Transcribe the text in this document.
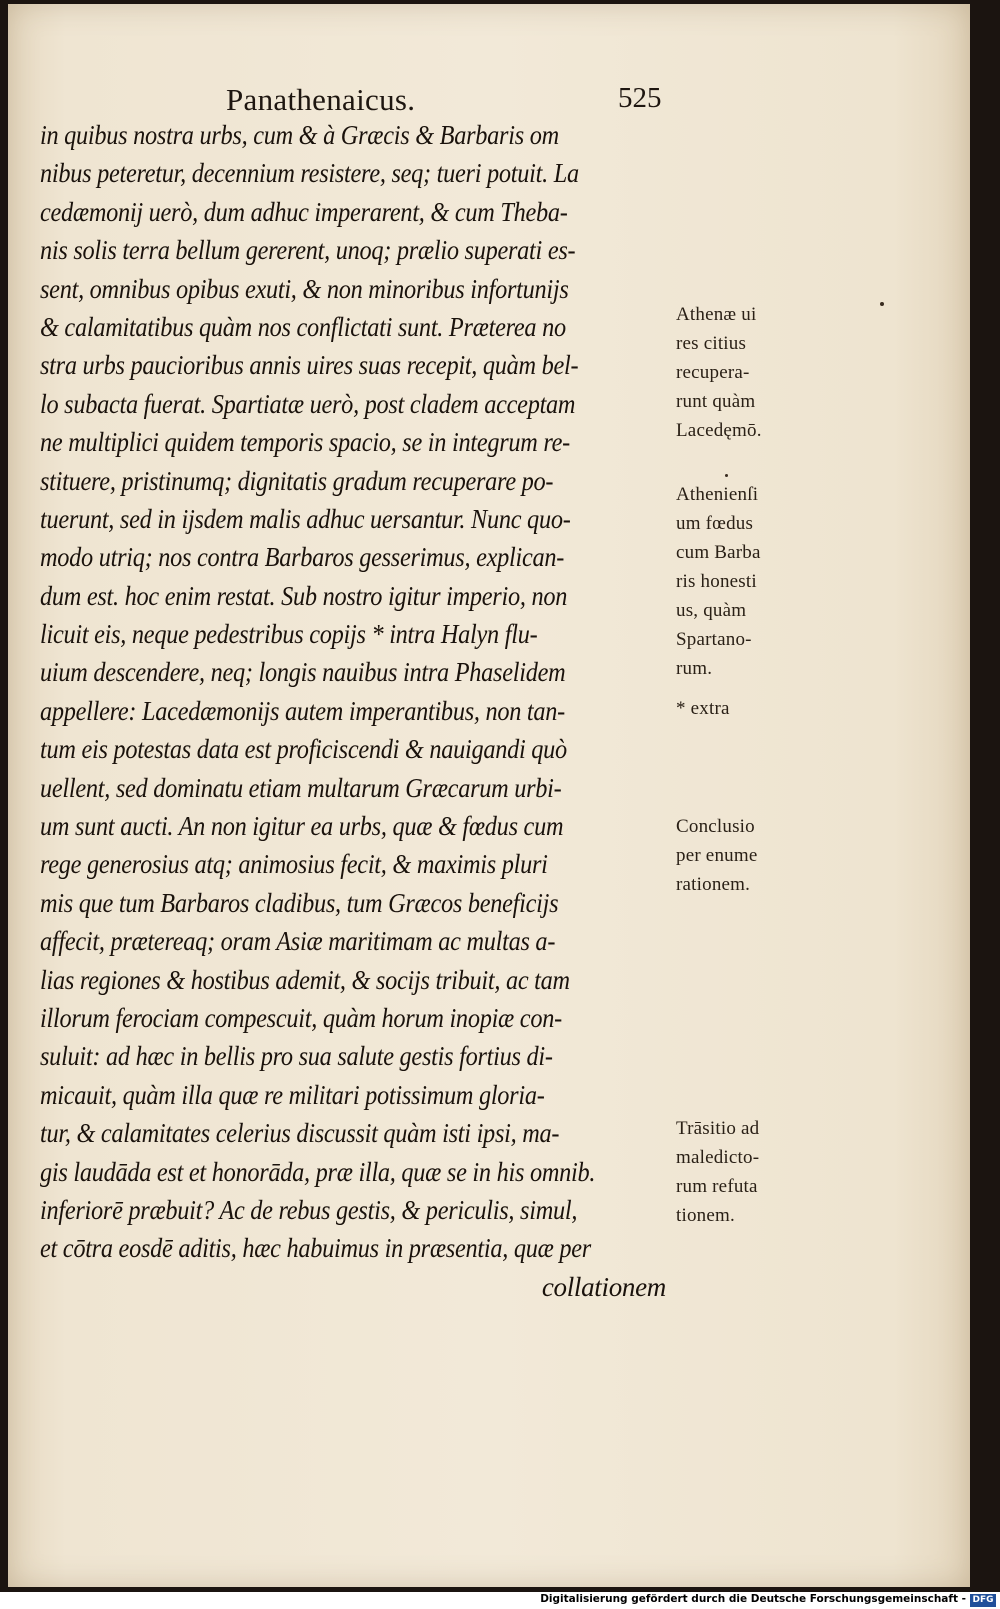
Panathenaicus.	525
in quibus nostra urbs, cum & à Græcis & Barbaris om
nibus peteretur, decennium resistere, seq; tueri potuit. La
cedæmonij uerò, dum adhuc imperarent, & cum Theba-
nis solis terra bellum gererent, unoq; prælio superati es-
sent, omnibus opibus exuti, & non minoribus infortunijs
& calamitatibus quàm nos conflictati sunt. Præterea no
stra urbs paucioribus annis uires suas recepit, quàm bel-
lo subacta fuerat. Spartiatæ uerò, post cladem acceptam
ne multiplici quidem temporis spacio, se in integrum re-
stituere, pristinumq; dignitatis gradum recuperare po-
tuerunt, sed in ijsdem malis adhuc uersantur. Nunc quo-
modo utriq; nos contra Barbaros gesserimus, explican-
dum est. hoc enim restat. Sub nostro igitur imperio, non
licuit eis, neque pedestribus copijs * intra Halyn flu-
uium descendere, neq; longis nauibus intra Phaselidem
appellere: Lacedæmonijs autem imperantibus, non tan-
tum eis potestas data est proficiscendi & nauigandi quò
uellent, sed dominatu etiam multarum Græcarum urbi-
um sunt aucti. An non igitur ea urbs, quæ & fœdus cum
rege generosius atq; animosius fecit, & maximis pluri
mis que tum Barbaros cladibus, tum Græcos beneficijs
affecit, prætereaq; oram Asiæ maritimam ac multas a-
lias regiones & hostibus ademit, & socijs tribuit, ac tam
illorum ferociam compescuit, quàm horum inopiæ con-
suluit: ad hæc in bellis pro sua salute gestis fortius di-
micauit, quàm illa quæ re militari potissimum gloria-
tur, & calamitates celerius discussit quàm isti ipsi, ma-
gis laudāda est et honorāda, præ illa, quæ se in his omnib.
inferiorē præbuit? Ac de rebus gestis, & periculis, simul,
et cōtra eosdē aditis, hæc habuimus in præsentia, quæ per
collationem
Athenæ ui
res citius
recupera-
runt quàm
Lacedęmō.
Athenienſi
um fœdus
cum Barba
ris honesti
us, quàm
Spartano-
rum.
* extra
Conclusio
per enume
rationem.
Trāsitio ad
maledicto-
rum refuta
tionem.
Digitalisierung gefördert durch die Deutsche Forschungsgemeinschaft - DFG
